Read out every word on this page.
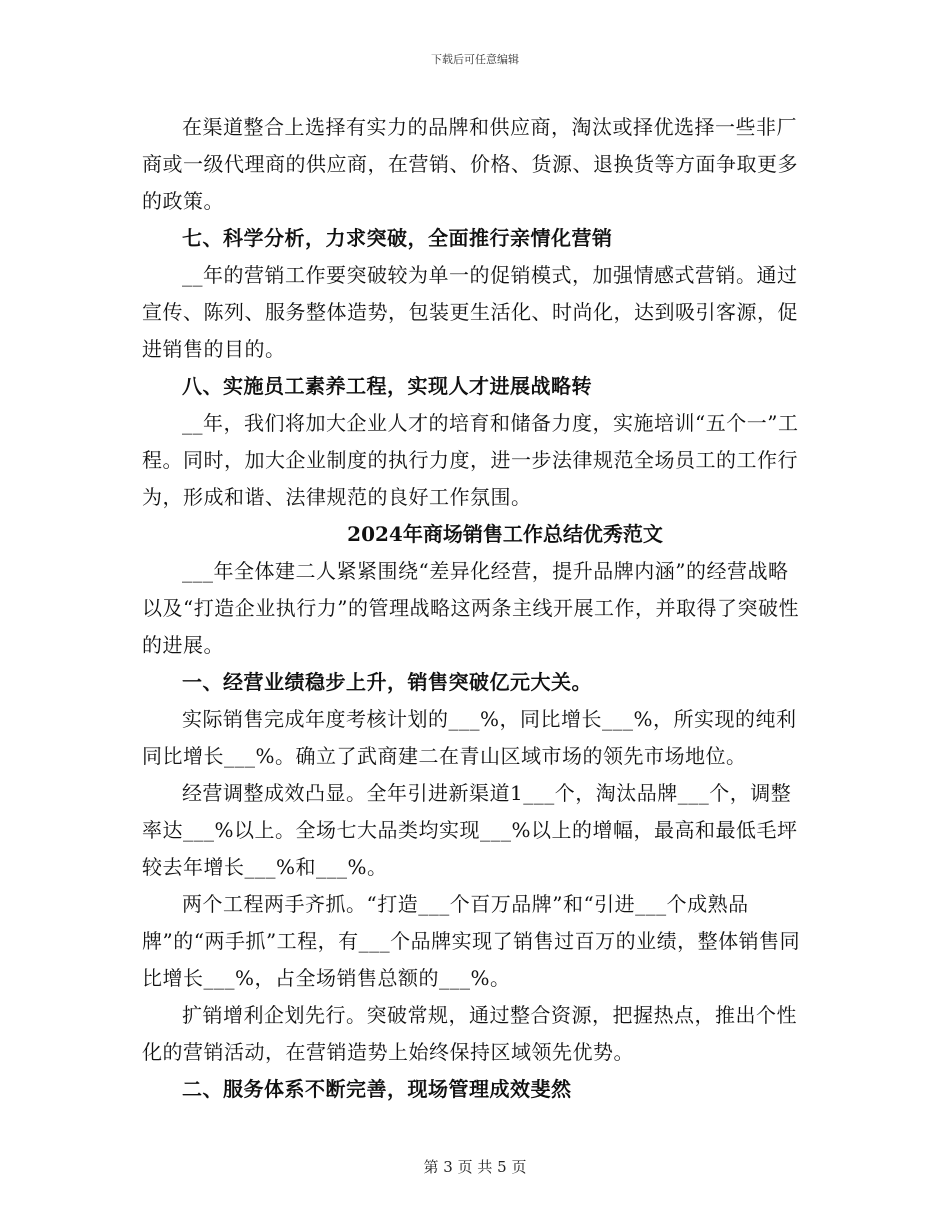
下载后可任意编辑

在渠道整合上选择有实力的品牌和供应商，淘汰或择优选择一些非厂商或一级代理商的供应商，在营销、价格、货源、退换货等方面争取更多的政策。

七、科学分析，力求突破，全面推行亲情化营销

__年的营销工作要突破较为单一的促销模式，加强情感式营销。通过宣传、陈列、服务整体造势，包装更生活化、时尚化，达到吸引客源，促进销售的目的。

八、实施员工素养工程，实现人才进展战略转

__年，我们将加大企业人才的培育和储备力度，实施培训“五个一”工程。同时，加大企业制度的执行力度，进一步法律规范全场员工的工作行为，形成和谐、法律规范的良好工作氛围。

2024年商场销售工作总结优秀范文

___年全体建二人紧紧围绕“差异化经营，提升品牌内涵”的经营战略以及“打造企业执行力”的管理战略这两条主线开展工作，并取得了突破性的进展。

一、经营业绩稳步上升，销售突破亿元大关。

实际销售完成年度考核计划的___%，同比增长___%，所实现的纯利同比增长___%。确立了武商建二在青山区域市场的领先市场地位。

经营调整成效凸显。全年引进新渠道1___个，淘汰品牌___个，调整率达___%以上。全场七大品类均实现___%以上的增幅，最高和最低毛坪较去年增长___%和___%。

两个工程两手齐抓。“打造___个百万品牌”和“引进___个成熟品牌”的“两手抓”工程，有___个品牌实现了销售过百万的业绩，整体销售同比增长___%，占全场销售总额的___%。

扩销增利企划先行。突破常规，通过整合资源，把握热点，推出个性化的营销活动，在营销造势上始终保持区域领先优势。

二、服务体系不断完善，现场管理成效斐然

第 3 页 共 5 页
